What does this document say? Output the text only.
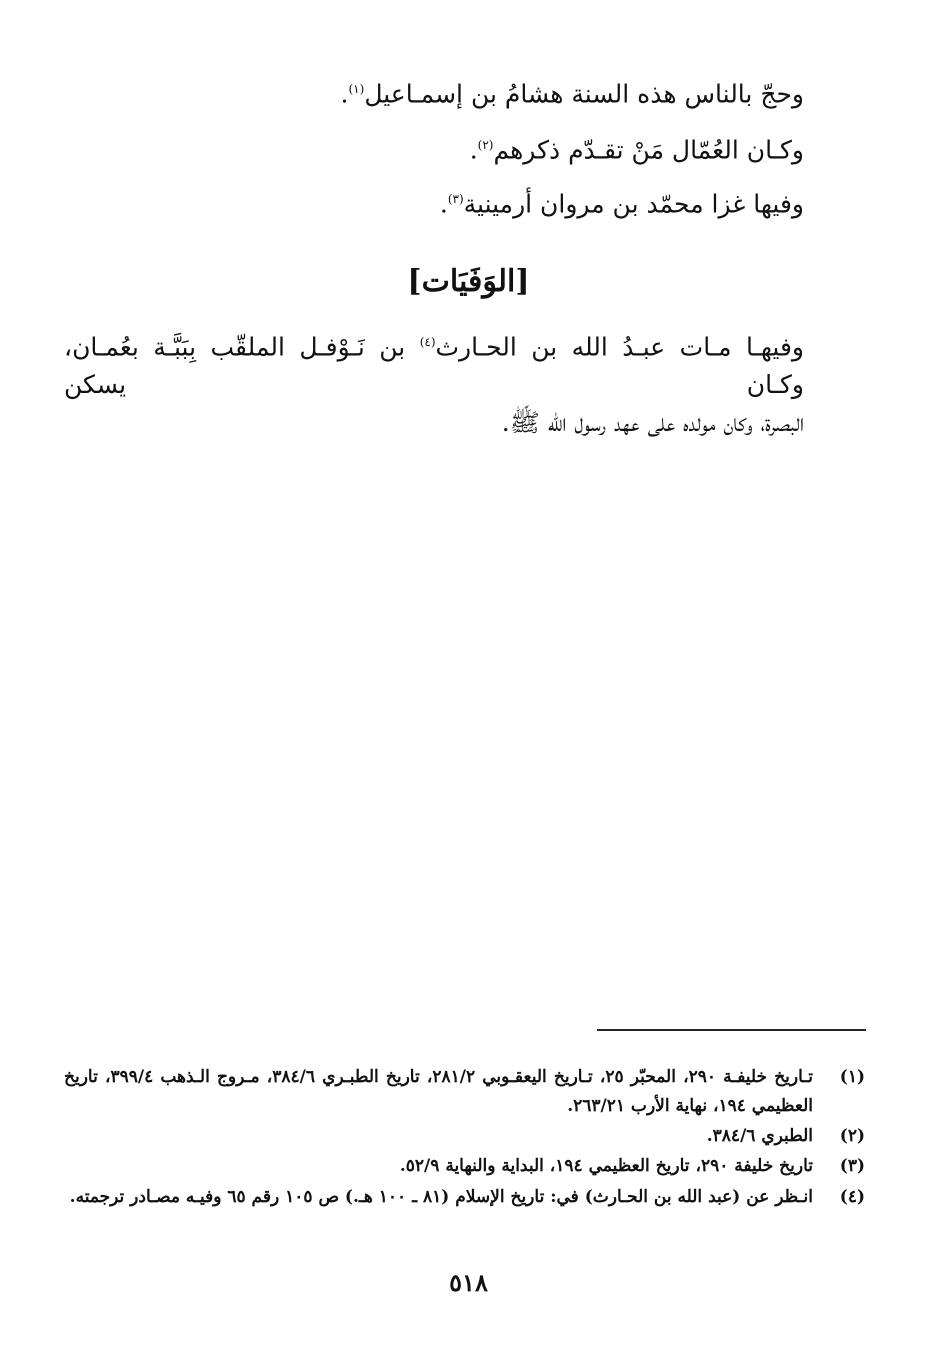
وحجّ بالناس هذه السنة هشامُ بن إسمـاعيل$^{(١)}$.
وكـان العُمّال مَنْ تقـدّم ذكرهم$^{(٢)}$.
وفيها غزا محمّد بن مروان أرمينية$^{(٣)}$.
[الوَفَيَات]
وفيهـا مـات عبـدُ الله بن الحـارث$^{(٤)}$ بن نَـوْفـل الملقّب بِبَبَّـة بعُمـان، وكـان يسكن
البصرة، وكان مولده على عهد رسول الله ﷺ.
(١)
تـاريخ خليفـة ٢٩٠، المحبّر ٢٥، تـاريخ اليعقـوبي ٢٨١/٢، تاريخ الطبـري ٣٨٤/٦، مـروج الـذهب ٣٩٩/٤، تاريخ العظيمي ١٩٤، نهاية الأرب ٢٦٣/٢١.
(٢)
الطبري ٣٨٤/٦.
(٣)
تاريخ خليفة ٢٩٠، تاريخ العظيمي ١٩٤، البداية والنهاية ٥٢/٩.
(٤)
انـظر عن (عبد الله بن الحـارث) في: تاريخ الإسلام (٨١ ـ ١٠٠ هـ.) ص ١٠٥ رقم ٦٥ وفيـه مصـادر ترجمته.
٥١٨
